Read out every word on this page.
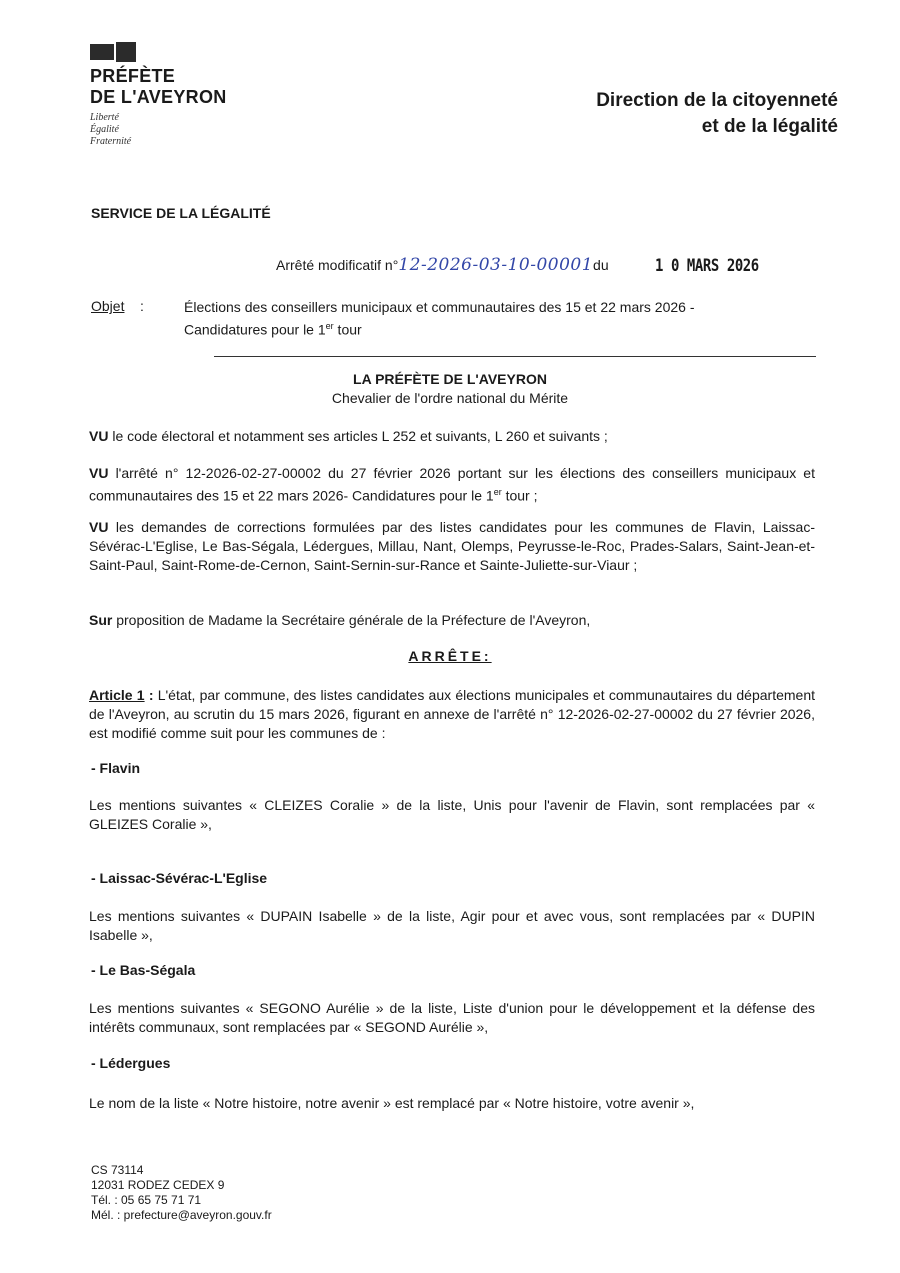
PRÉFÈTE
DE L'AVEYRON
Liberté
Égalité
Fraternité
Direction de la citoyenneté
et de la légalité
SERVICE DE LA LÉGALITÉ
Arrêté modificatif n°12-2026-03-10-00001du	1 0 MARS 2026
Objet :	Élections des conseillers municipaux et communautaires des 15 et 22 mars 2026 -
Candidatures pour le 1er tour
LA PRÉFÈTE DE L'AVEYRON
Chevalier de l'ordre national du Mérite
VU le code électoral et notamment ses articles L 252 et suivants, L 260 et suivants ;
VU l'arrêté n° 12-2026-02-27-00002 du 27 février 2026 portant sur les élections des conseillers municipaux et communautaires des 15 et 22 mars 2026- Candidatures pour le 1er tour ;
VU les demandes de corrections formulées par des listes candidates pour les communes de Flavin, Laissac-Sévérac-L'Eglise, Le Bas-Ségala, Lédergues, Millau, Nant, Olemps, Peyrusse-le-Roc, Prades-Salars, Saint-Jean-et-Saint-Paul, Saint-Rome-de-Cernon, Saint-Sernin-sur-Rance et Sainte-Juliette-sur-Viaur ;
Sur proposition de Madame la Secrétaire générale de la Préfecture de l'Aveyron,
ARRÊTE:
Article 1 : L'état, par commune, des listes candidates aux élections municipales et communautaires du département de l'Aveyron, au scrutin du 15 mars 2026, figurant en annexe de l'arrêté n° 12-2026-02-27-00002 du 27 février 2026, est modifié comme suit pour les communes de :
- Flavin
Les mentions suivantes « CLEIZES Coralie » de la liste, Unis pour l'avenir de Flavin, sont remplacées par « GLEIZES Coralie »,
- Laissac-Sévérac-L'Eglise
Les mentions suivantes « DUPAIN Isabelle » de la liste, Agir pour et avec vous, sont remplacées par « DUPIN Isabelle »,
- Le Bas-Ségala
Les mentions suivantes « SEGONO Aurélie » de la liste, Liste d'union pour le développement et la défense des intérêts communaux, sont remplacées par « SEGOND Aurélie »,
- Lédergues
Le nom de la liste « Notre histoire, notre avenir » est remplacé par « Notre histoire, votre avenir »,
CS 73114
12031 RODEZ CEDEX 9
Tél. : 05 65 75 71 71
Mél. : prefecture@aveyron.gouv.fr
